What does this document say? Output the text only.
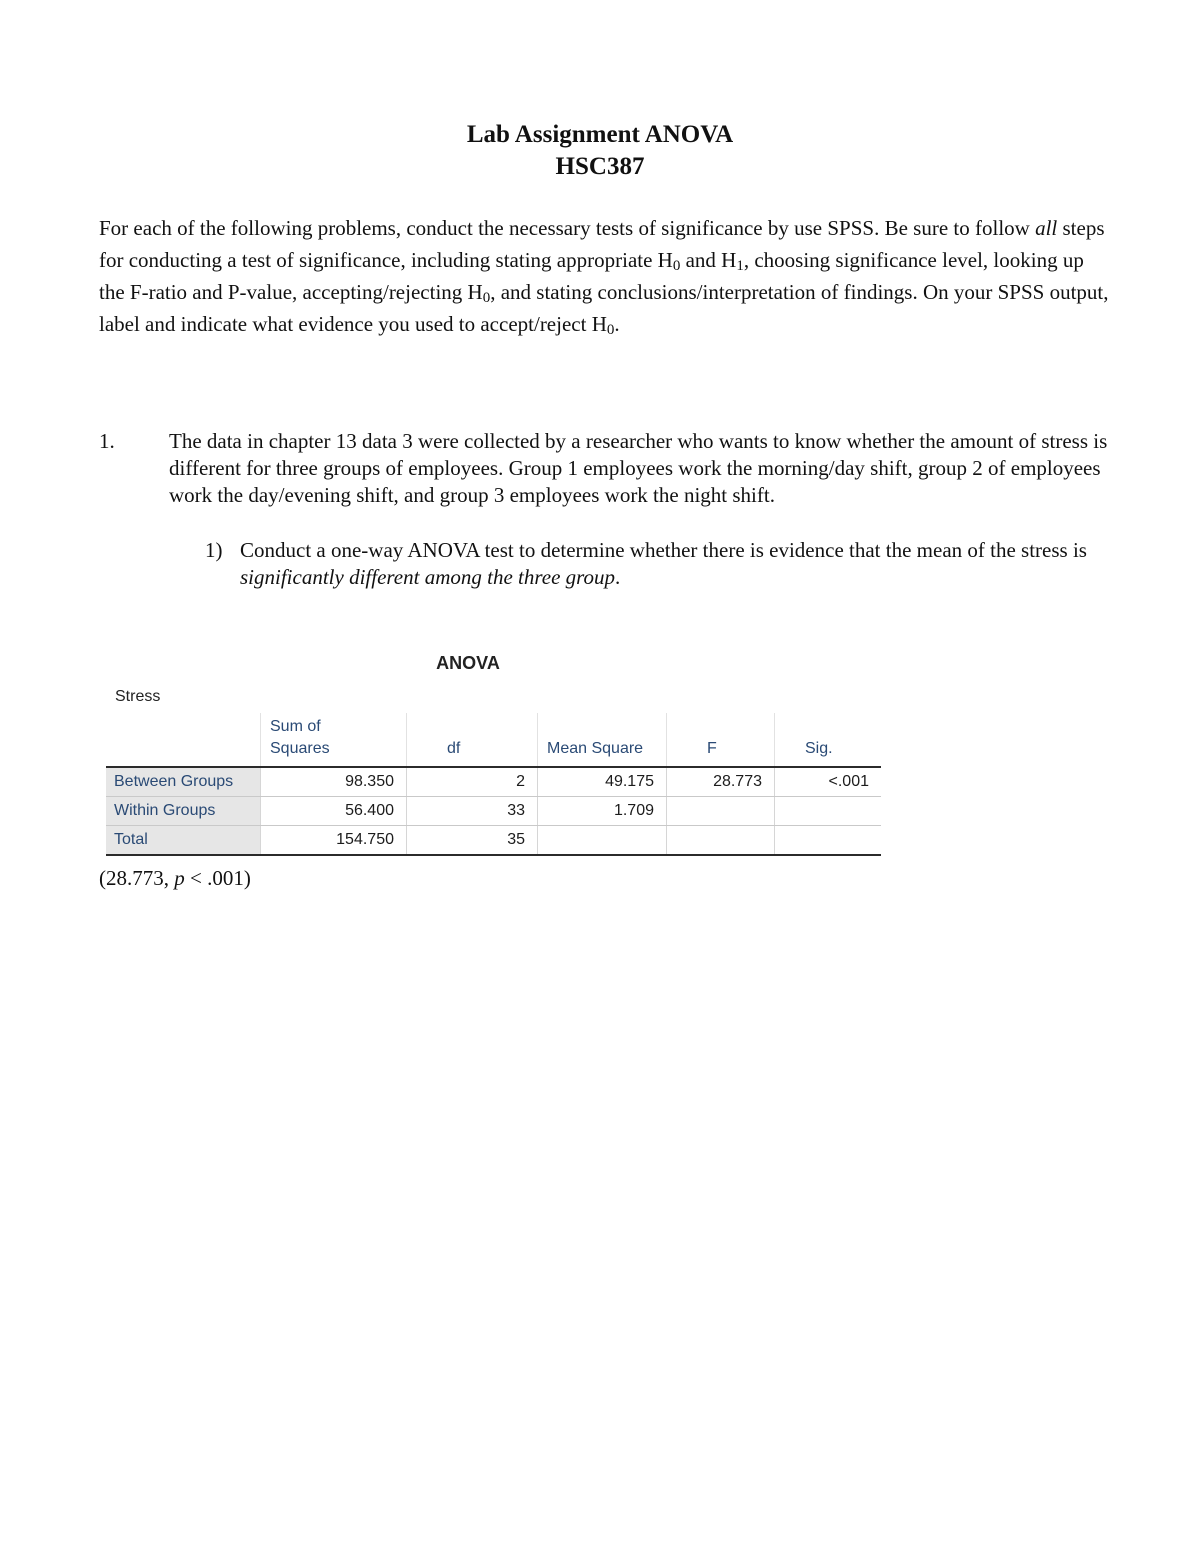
Lab Assignment ANOVA
HSC387

For each of the following problems, conduct the necessary tests of significance by use SPSS. Be sure to follow all steps for conducting a test of significance, including stating appropriate $H_0$ and $H_1$, choosing significance level, looking up the F-ratio and P-value, accepting/rejecting $H_0$, and stating conclusions/interpretation of findings. On your SPSS output, label and indicate what evidence you used to accept/reject $H_0$.

1.	The data in chapter 13 data 3 were collected by a researcher who wants to know whether the amount of stress is different for three groups of employees. Group 1 employees work the morning/day shift, group 2 of employees work the day/evening shift, and group 3 employees work the night shift.

1) Conduct a one-way ANOVA test to determine whether there is evidence that the mean of the stress is significantly different among the three group.

ANOVA
Stress
	Sum of
Squares	df	Mean Square	F	Sig.
Between Groups	98.350	2	49.175	28.773	<.001
Within Groups	56.400	33	1.709		
Total	154.750	35			

(28.773, p < .001)
